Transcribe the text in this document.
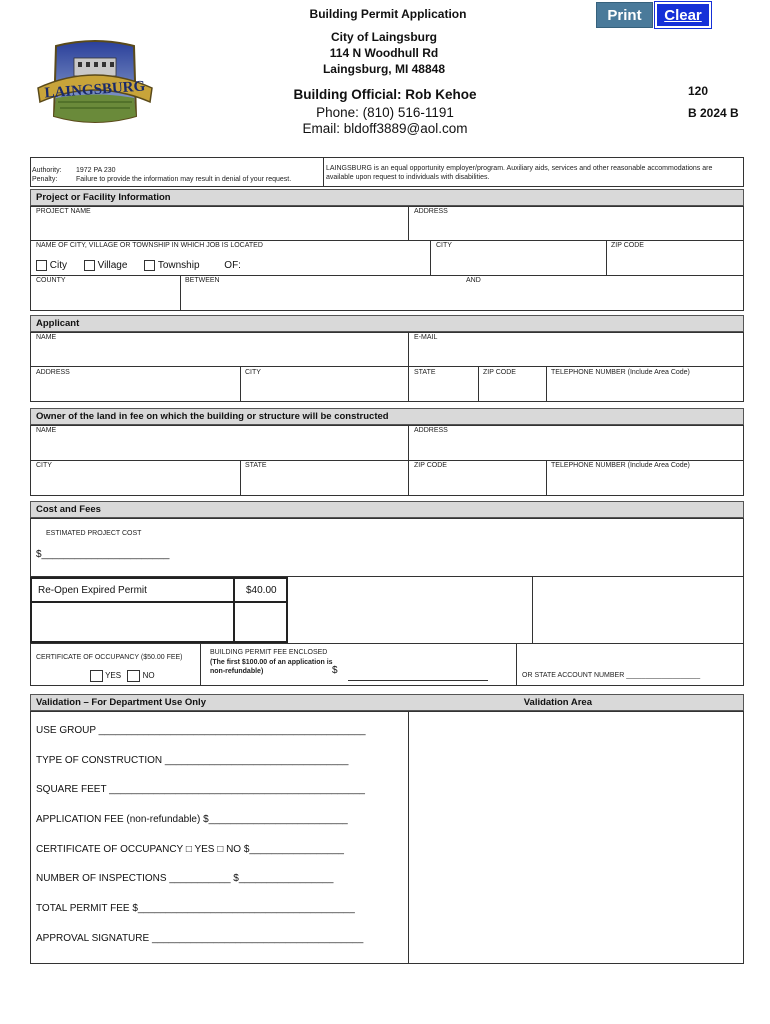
Building Permit Application	Print	Clear
City of Laingsburg
114 N Woodhull Rd
Laingsburg, MI 48848
Building Official: Rob Kehoe
Phone: (810) 516-1191
Email: bldoff3889@aol.com
120
B 2024 B
LAINGSBURG
Authority: 1972 PA 230
Penalty:	Failure to provide the information may result in denial of your request.
LAINGSBURG is an equal opportunity employer/program. Auxiliary aids, services and other reasonable accommodations are available upon request to individuals with disabilities.
Project or Facility Information
PROJECT NAME	ADDRESS
NAME OF CITY, VILLAGE OR TOWNSHIP IN WHICH JOB IS LOCATED	CITY	ZIP CODE
City	Village	Township OF:
COUNTY	BETWEEN	AND
Applicant
NAME	E-MAIL
ADDRESS	CITY	STATE	ZIP CODE	TELEPHONE NUMBER (Include Area Code)
Owner of the land in fee on which the building or structure will be constructed
NAME	ADDRESS
CITY	STATE	ZIP CODE	TELEPHONE NUMBER (Include Area Code)
Cost and Fees
ESTIMATED PROJECT COST
$_______________________
Re-Open Expired Permit	$40.00
CERTIFICATE OF OCCUPANCY ($50.00 FEE)
YES	NO
BUILDING PERMIT FEE ENCLOSED
(The first $100.00 of an application is non-refundable)	$	OR STATE ACCOUNT NUMBER ___________________
Validation – For Department Use Only	Validation Area
USE GROUP ________________________________________________
TYPE OF CONSTRUCTION _________________________________
SQUARE FEET ______________________________________________
APPLICATION FEE (non-refundable) $_________________________
CERTIFICATE OF OCCUPANCY □ YES □ NO $_________________
NUMBER OF INSPECTIONS ___________ $_________________
TOTAL PERMIT FEE $_______________________________________
APPROVAL SIGNATURE ______________________________________
